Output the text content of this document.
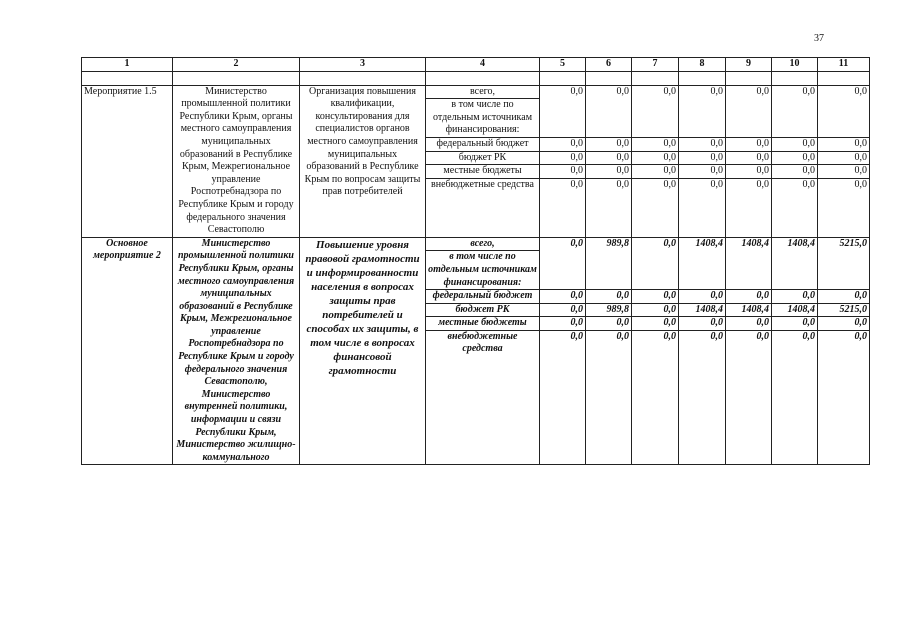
37
1	2	3	4	5	6	7	8	9	10	11

Мероприятие 1.5	Министерство промышленной политики Республики Крым, органы местного самоуправления муниципальных образований в Республике Крым, Межрегиональное управление Роспотребнадзора по Республике Крым и городу федерального значения Севастополю	Организация повышения квалификации, консультирования для специалистов органов местного самоуправления муниципальных образований в Республике Крым по вопросам защиты прав потребителей	всего,	0,0	0,0	0,0	0,0	0,0	0,0	0,0
			в том числе по отдельным источникам финансирования:							
			федеральный бюджет	0,0	0,0	0,0	0,0	0,0	0,0	0,0
			бюджет РК	0,0	0,0	0,0	0,0	0,0	0,0	0,0
			местные бюджеты	0,0	0,0	0,0	0,0	0,0	0,0	0,0
			внебюджетные средства	0,0	0,0	0,0	0,0	0,0	0,0	0,0

Основное мероприятие 2	Министерство промышленной политики Республики Крым, органы местного самоуправления муниципальных образований в Республике Крым, Межрегиональное управление Роспотребнадзора по Республике Крым и городу федерального значения Севастополю, Министерство внутренней политики, информации и связи Республики Крым, Министерство жилищно-коммунального	Повышение уровня правовой грамотности и информированности населения в вопросах защиты прав потребителей и способах их защиты, в том числе в вопросах финансовой грамотности	всего,	0,0	989,8	0,0	1408,4	1408,4	1408,4	5215,0
			в том числе по отдельным источникам финансирования:							
			федеральный бюджет	0,0	0,0	0,0	0,0	0,0	0,0	0,0
			бюджет РК	0,0	989,8	0,0	1408,4	1408,4	1408,4	5215,0
			местные бюджеты	0,0	0,0	0,0	0,0	0,0	0,0	0,0
			внебюджетные средства	0,0	0,0	0,0	0,0	0,0	0,0	0,0
